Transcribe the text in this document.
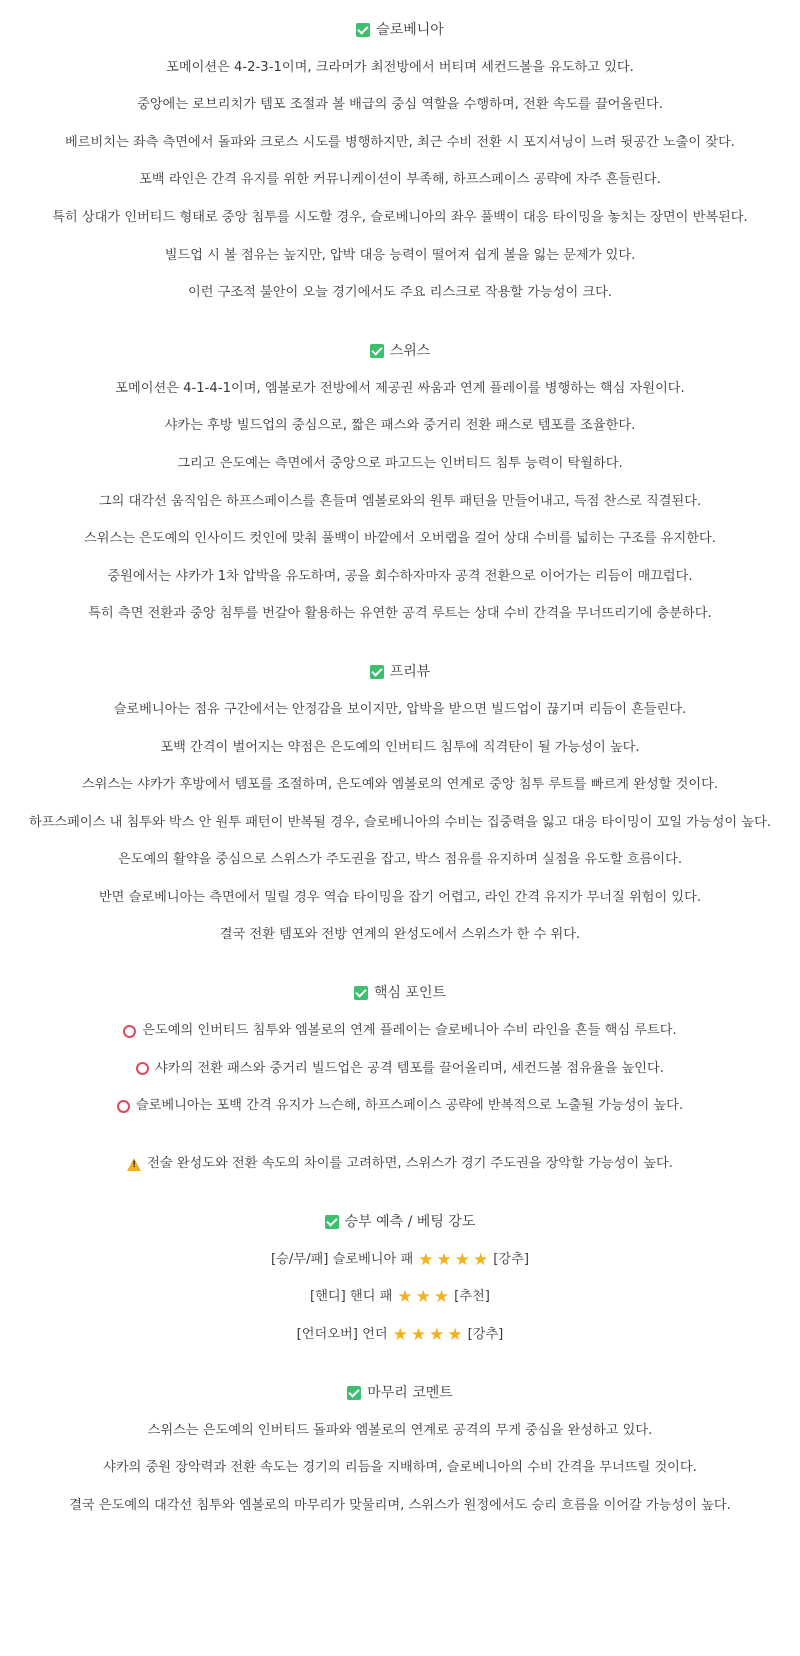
슬로베니아
포메이션은 4-2-3-1이며, 크라머가 최전방에서 버티며 세컨드볼을 유도하고 있다.
중앙에는 로브리치가 템포 조절과 볼 배급의 중심 역할을 수행하며, 전환 속도를 끌어올린다.
베르비치는 좌측 측면에서 돌파와 크로스 시도를 병행하지만, 최근 수비 전환 시 포지셔닝이 느려 뒷공간 노출이 잦다.
포백 라인은 간격 유지를 위한 커뮤니케이션이 부족해, 하프스페이스 공략에 자주 흔들린다.
특히 상대가 인버티드 형태로 중앙 침투를 시도할 경우, 슬로베니아의 좌우 풀백이 대응 타이밍을 놓치는 장면이 반복된다.
빌드업 시 볼 점유는 높지만, 압박 대응 능력이 떨어져 쉽게 볼을 잃는 문제가 있다.
이런 구조적 불안이 오늘 경기에서도 주요 리스크로 작용할 가능성이 크다.
스위스
포메이션은 4-1-4-1이며, 엠볼로가 전방에서 제공권 싸움과 연계 플레이를 병행하는 핵심 자원이다.
샤카는 후방 빌드업의 중심으로, 짧은 패스와 중거리 전환 패스로 템포를 조율한다.
그리고 은도예는 측면에서 중앙으로 파고드는 인버티드 침투 능력이 탁월하다.
그의 대각선 움직임은 하프스페이스를 흔들며 엠볼로와의 원투 패턴을 만들어내고, 득점 찬스로 직결된다.
스위스는 은도예의 인사이드 컷인에 맞춰 풀백이 바깥에서 오버랩을 걸어 상대 수비를 넓히는 구조를 유지한다.
중원에서는 샤카가 1차 압박을 유도하며, 공을 회수하자마자 공격 전환으로 이어가는 리듬이 매끄럽다.
특히 측면 전환과 중앙 침투를 번갈아 활용하는 유연한 공격 루트는 상대 수비 간격을 무너뜨리기에 충분하다.
프리뷰
슬로베니아는 점유 구간에서는 안정감을 보이지만, 압박을 받으면 빌드업이 끊기며 리듬이 흔들린다.
포백 간격이 벌어지는 약점은 은도예의 인버티드 침투에 직격탄이 될 가능성이 높다.
스위스는 샤카가 후방에서 템포를 조절하며, 은도예와 엠볼로의 연계로 중앙 침투 루트를 빠르게 완성할 것이다.
하프스페이스 내 침투와 박스 안 원투 패턴이 반복될 경우, 슬로베니아의 수비는 집중력을 잃고 대응 타이밍이 꼬일 가능성이 높다.
은도예의 활약을 중심으로 스위스가 주도권을 잡고, 박스 점유를 유지하며 실점을 유도할 흐름이다.
반면 슬로베니아는 측면에서 밀릴 경우 역습 타이밍을 잡기 어렵고, 라인 간격 유지가 무너질 위험이 있다.
결국 전환 템포와 전방 연계의 완성도에서 스위스가 한 수 위다.
핵심 포인트
은도예의 인버티드 침투와 엠볼로의 연계 플레이는 슬로베니아 수비 라인을 흔들 핵심 루트다.
샤카의 전환 패스와 중거리 빌드업은 공격 템포를 끌어올리며, 세컨드볼 점유율을 높인다.
슬로베니아는 포백 간격 유지가 느슨해, 하프스페이스 공략에 반복적으로 노출될 가능성이 높다.
!
전술 완성도와 전환 속도의 차이를 고려하면, 스위스가 경기 주도권을 장악할 가능성이 높다.
승부 예측 / 베팅 강도
[승/무/패] 슬로베니아 패 ★ ★ ★ ★ [강추]
[핸디] 핸디 패 ★ ★ ★ [추천]
[언더오버] 언더 ★ ★ ★ ★ [강추]
마무리 코멘트
스위스는 은도예의 인버티드 돌파와 엠볼로의 연계로 공격의 무게 중심을 완성하고 있다.
샤카의 중원 장악력과 전환 속도는 경기의 리듬을 지배하며, 슬로베니아의 수비 간격을 무너뜨릴 것이다.
결국 은도예의 대각선 침투와 엠볼로의 마무리가 맞물리며, 스위스가 원정에서도 승리 흐름을 이어갈 가능성이 높다.
